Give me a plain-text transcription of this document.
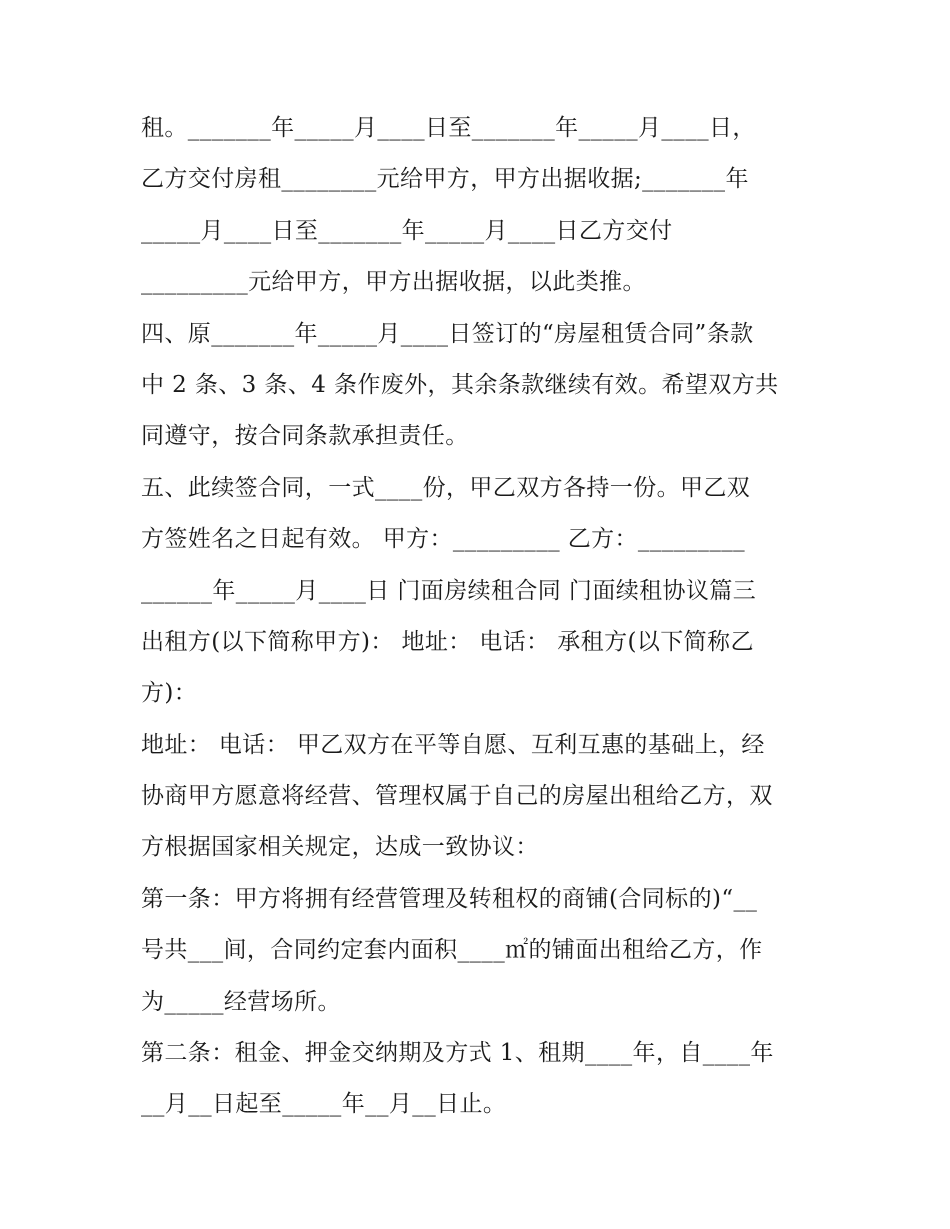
租。_______年_____月____日至_______年_____月____日，
乙方交付房租________元给甲方，甲方出据收据;_______年
_____月____日至_______年_____月____日乙方交付
_________元给甲方，甲方出据收据，以此类推。
四、原_______年_____月____日签订的“房屋租赁合同”条款
中 2 条、3 条、4 条作废外，其余条款继续有效。希望双方共
同遵守，按合同条款承担责任。
五、此续签合同，一式____份，甲乙双方各持一份。甲乙双
方签姓名之日起有效。 甲方：_________ 乙方：_________
______年_____月____日 门面房续租合同 门面续租协议篇三
出租方(以下简称甲方)： 地址： 电话： 承租方(以下简称乙
方)：
地址： 电话： 甲乙双方在平等自愿、互利互惠的基础上，经
协商甲方愿意将经营、管理权属于自己的房屋出租给乙方，双
方根据国家相关规定，达成一致协议：
第一条：甲方将拥有经营管理及转租权的商铺(合同标的)“__
号共___间，合同约定套内面积____㎡的铺面出租给乙方，作
为_____经营场所。
第二条：租金、押金交纳期及方式 1、租期____年，自____年
__月__日起至_____年__月__日止。
